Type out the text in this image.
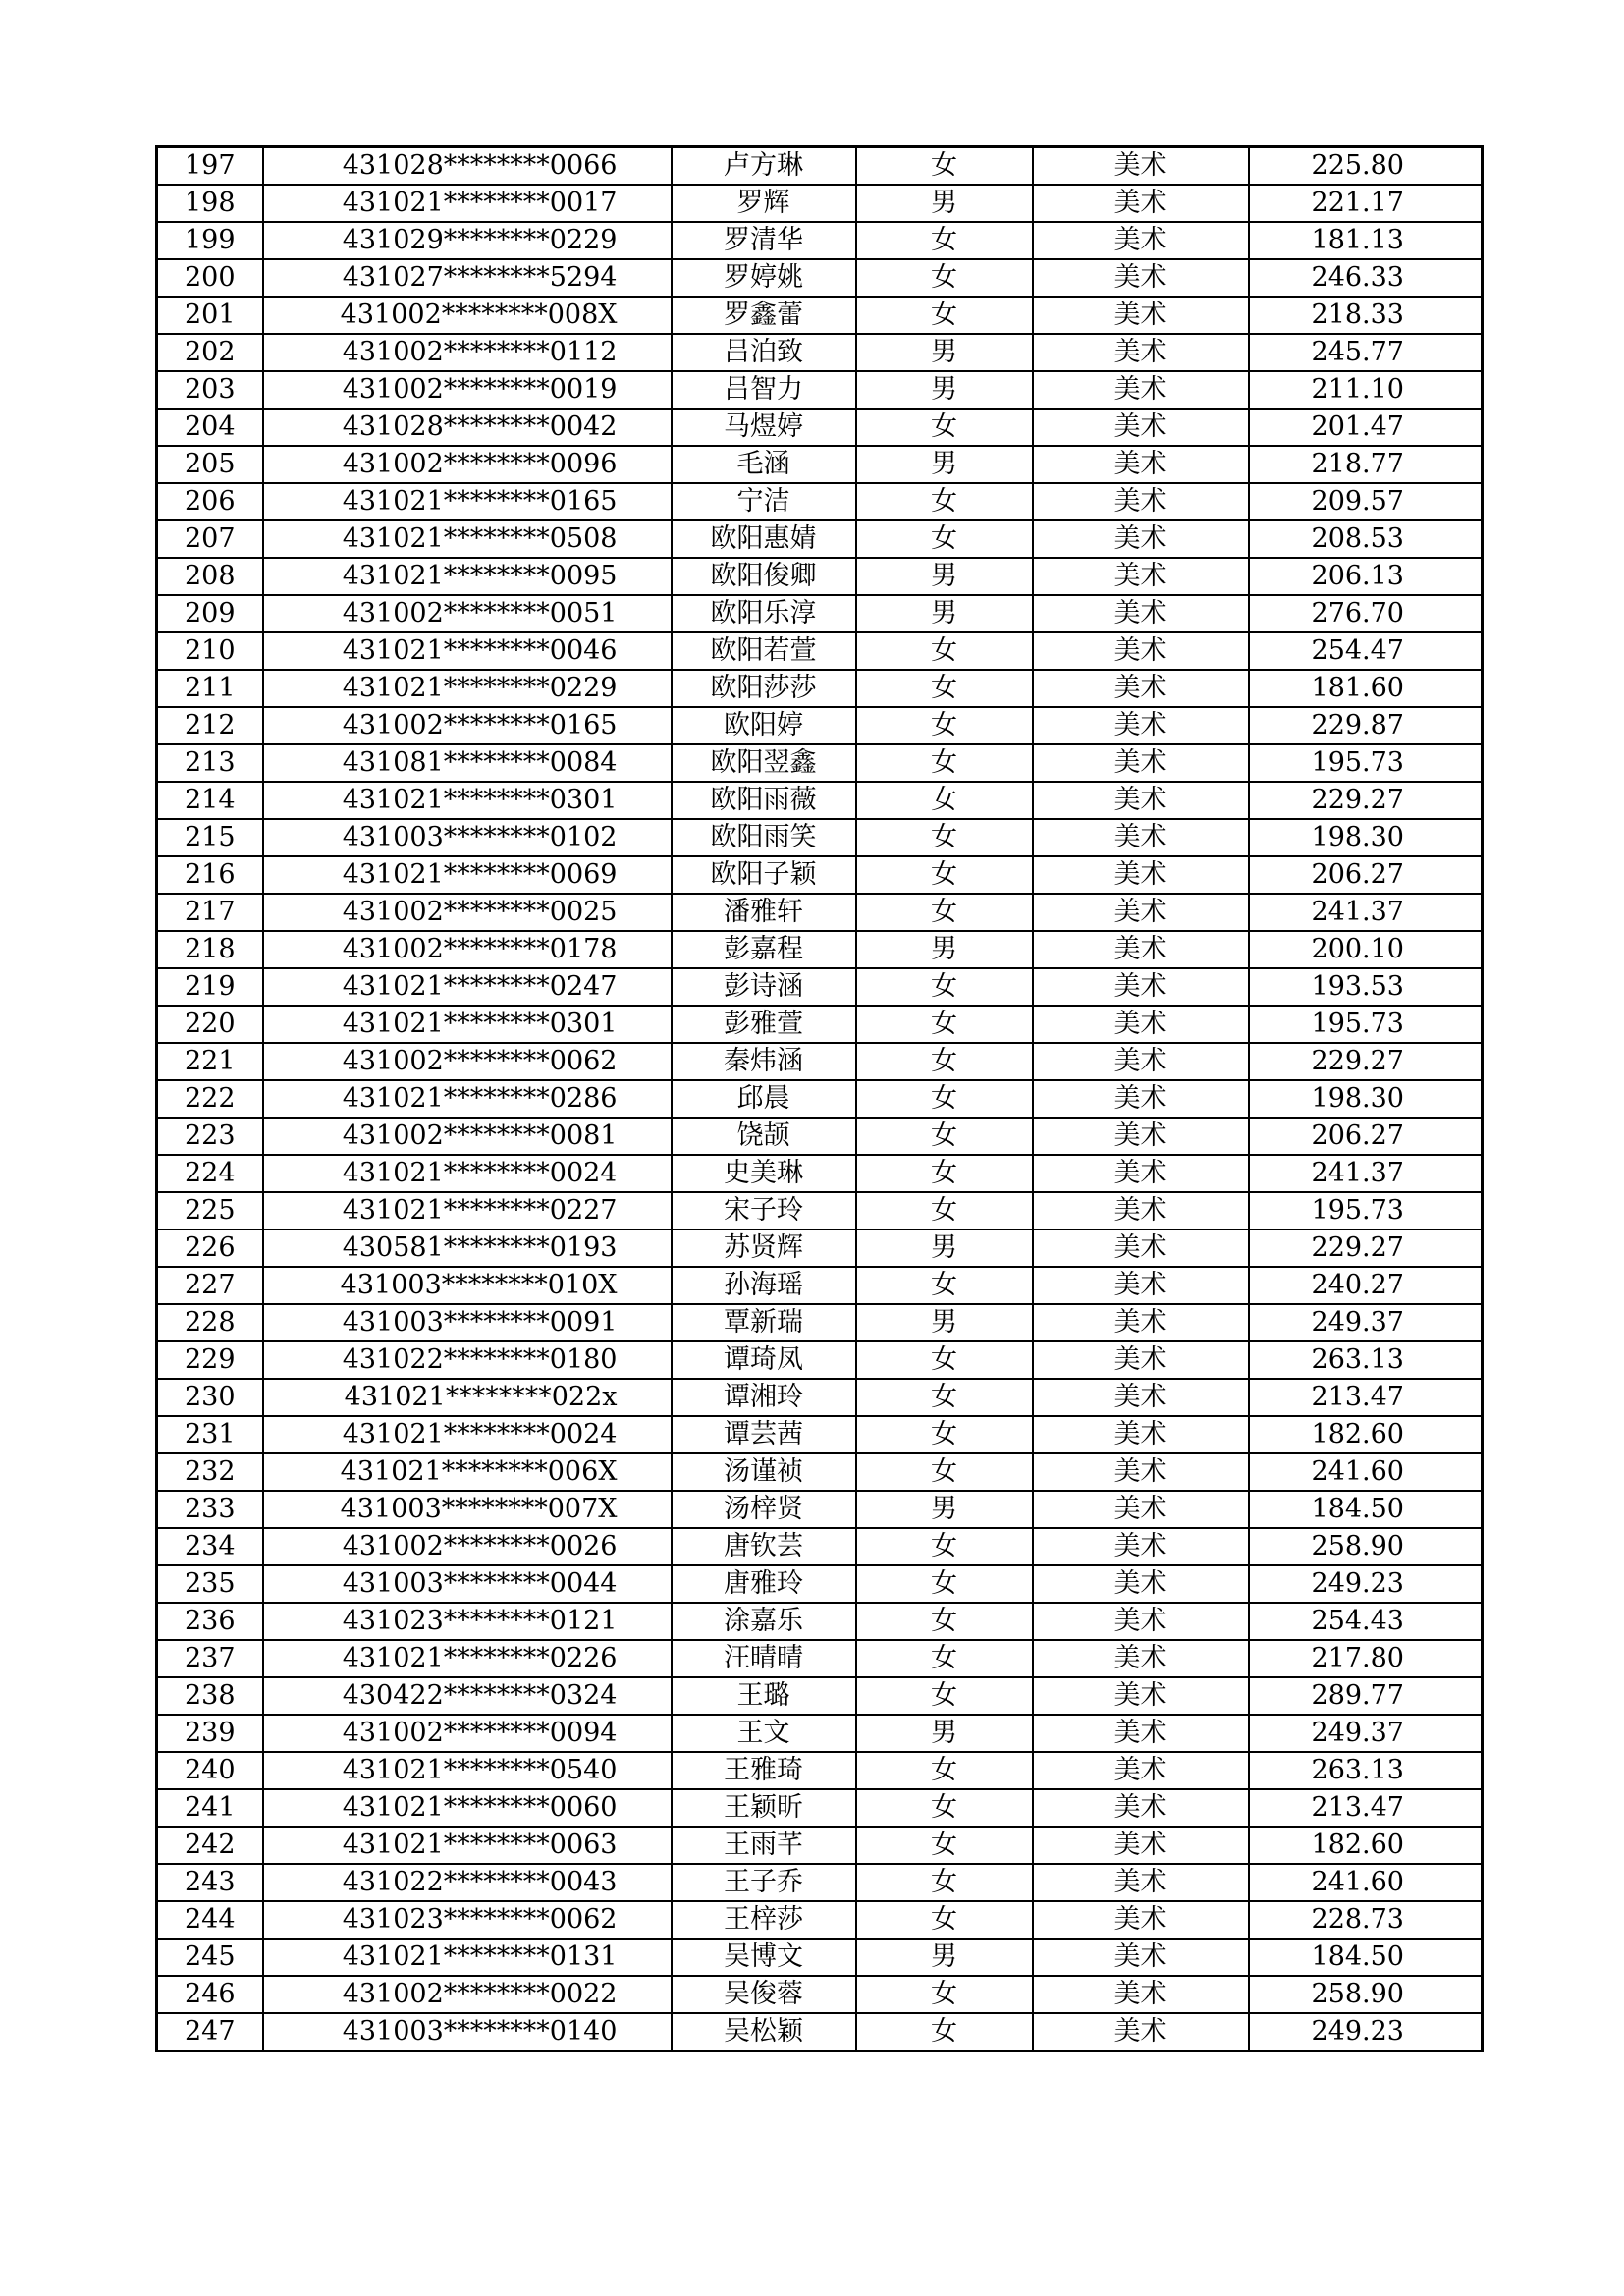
197	431028********0066	卢方琳	女	美术	225.80
198	431021********0017	罗辉	男	美术	221.17
199	431029********0229	罗清华	女	美术	181.13
200	431027********5294	罗婷姚	女	美术	246.33
201	431002********008X	罗鑫蕾	女	美术	218.33
202	431002********0112	吕泊致	男	美术	245.77
203	431002********0019	吕智力	男	美术	211.10
204	431028********0042	马煜婷	女	美术	201.47
205	431002********0096	毛涵	男	美术	218.77
206	431021********0165	宁洁	女	美术	209.57
207	431021********0508	欧阳惠婧	女	美术	208.53
208	431021********0095	欧阳俊卿	男	美术	206.13
209	431002********0051	欧阳乐淳	男	美术	276.70
210	431021********0046	欧阳若萱	女	美术	254.47
211	431021********0229	欧阳莎莎	女	美术	181.60
212	431002********0165	欧阳婷	女	美术	229.87
213	431081********0084	欧阳翌鑫	女	美术	195.73
214	431021********0301	欧阳雨薇	女	美术	229.27
215	431003********0102	欧阳雨笑	女	美术	198.30
216	431021********0069	欧阳子颖	女	美术	206.27
217	431002********0025	潘雅轩	女	美术	241.37
218	431002********0178	彭嘉程	男	美术	200.10
219	431021********0247	彭诗涵	女	美术	193.53
220	431021********0301	彭雅萱	女	美术	195.73
221	431002********0062	秦炜涵	女	美术	229.27
222	431021********0286	邱晨	女	美术	198.30
223	431002********0081	饶颉	女	美术	206.27
224	431021********0024	史美琳	女	美术	241.37
225	431021********0227	宋子玲	女	美术	195.73
226	430581********0193	苏贤辉	男	美术	229.27
227	431003********010X	孙海瑶	女	美术	240.27
228	431003********0091	覃新瑞	男	美术	249.37
229	431022********0180	谭琦凤	女	美术	263.13
230	431021********022x	谭湘玲	女	美术	213.47
231	431021********0024	谭芸茜	女	美术	182.60
232	431021********006X	汤谨祯	女	美术	241.60
233	431003********007X	汤梓贤	男	美术	184.50
234	431002********0026	唐钦芸	女	美术	258.90
235	431003********0044	唐雅玲	女	美术	249.23
236	431023********0121	涂嘉乐	女	美术	254.43
237	431021********0226	汪晴晴	女	美术	217.80
238	430422********0324	王璐	女	美术	289.77
239	431002********0094	王文	男	美术	249.37
240	431021********0540	王雅琦	女	美术	263.13
241	431021********0060	王颖昕	女	美术	213.47
242	431021********0063	王雨芊	女	美术	182.60
243	431022********0043	王子乔	女	美术	241.60
244	431023********0062	王梓莎	女	美术	228.73
245	431021********0131	吴博文	男	美术	184.50
246	431002********0022	吴俊蓉	女	美术	258.90
247	431003********0140	吴松颖	女	美术	249.23
